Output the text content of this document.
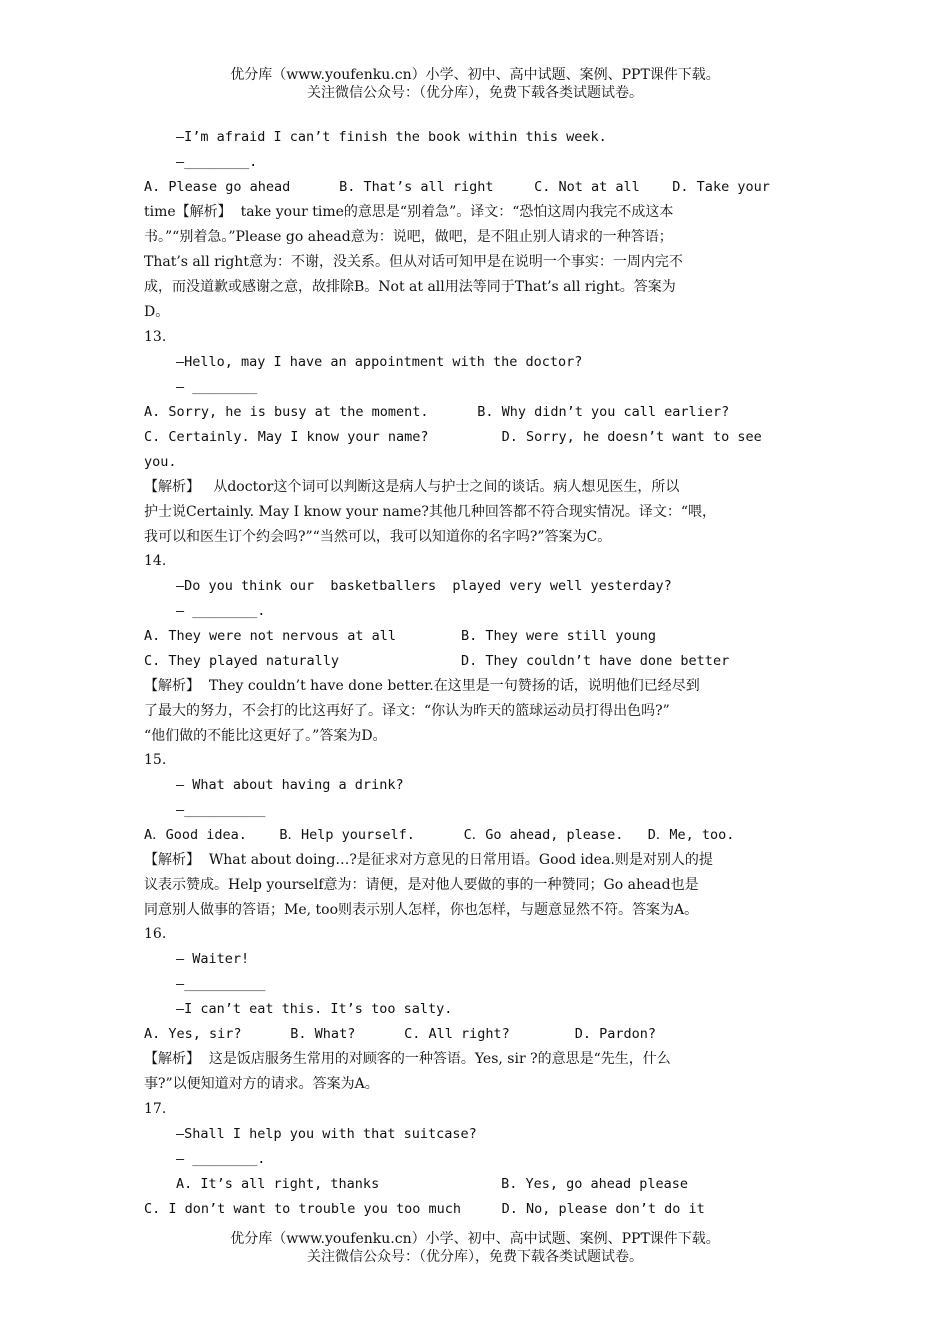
优分库（www.youfenku.cn）小学、初中、高中试题、案例、PPT课件下载。
关注微信公众号：（优分库），免费下载各类试题试卷。
—I’m afraid I can’t finish the book within this week.
—________.
A. Please go ahead      B. That’s all right     C. Not at all    D. Take your
time【解析】  take your time的意思是“别着急”。译文：“恐怕这周内我完不成这本
书。”“别着急。”Please go ahead意为：说吧，做吧，是不阻止别人请求的一种答语；
That’s all right意为：不谢，没关系。但从对话可知甲是在说明一个事实：一周内完不
成，而没道歉或感谢之意，故排除B。Not at all用法等同于That’s all right。答案为
D。
13.
—Hello, may I have an appointment with the doctor?
— ________
A. Sorry, he is busy at the moment.      B. Why didn’t you call earlier?
C. Certainly. May I know your name?         D. Sorry, he doesn’t want to see
you.
【解析】   从doctor这个词可以判断这是病人与护士之间的谈话。病人想见医生，所以
护士说Certainly. May I know your name?其他几种回答都不符合现实情况。译文：“喂，
我可以和医生订个约会吗?”“当然可以，我可以知道你的名字吗?”答案为C。
14.
—Do you think our  basketballers  played very well yesterday?
— ________.
A. They were not nervous at all        B. They were still young
C. They played naturally               D. They couldn’t have done better
【解析】  They couldn’t have done better.在这里是一句赞扬的话，说明他们已经尽到
了最大的努力，不会打的比这再好了。译文：“你认为昨天的篮球运动员打得出色吗?”
“他们做的不能比这更好了。”答案为D。
15.
— What about having a drink?
—__________
A．Good idea.    B．Help yourself.      C．Go ahead, please.   D．Me, too.
【解析】  What about doing…?是征求对方意见的日常用语。Good idea.则是对别人的提
议表示赞成。Help yourself意为：请便，是对他人要做的事的一种赞同；Go ahead也是
同意别人做事的答语；Me, too则表示别人怎样，你也怎样，与题意显然不符。答案为A。
16.
— Waiter!
—__________
—I can’t eat this. It’s too salty.
A. Yes, sir?      B. What?      C. All right?        D. Pardon?
【解析】  这是饭店服务生常用的对顾客的一种答语。Yes, sir ?的意思是“先生，什么
事?”以便知道对方的请求。答案为A。
17.
—Shall I help you with that suitcase?
— ________.
A. It’s all right, thanks               B. Yes, go ahead please
C. I don’t want to trouble you too much     D. No, please don’t do it
优分库（www.youfenku.cn）小学、初中、高中试题、案例、PPT课件下载。
关注微信公众号：（优分库），免费下载各类试题试卷。
